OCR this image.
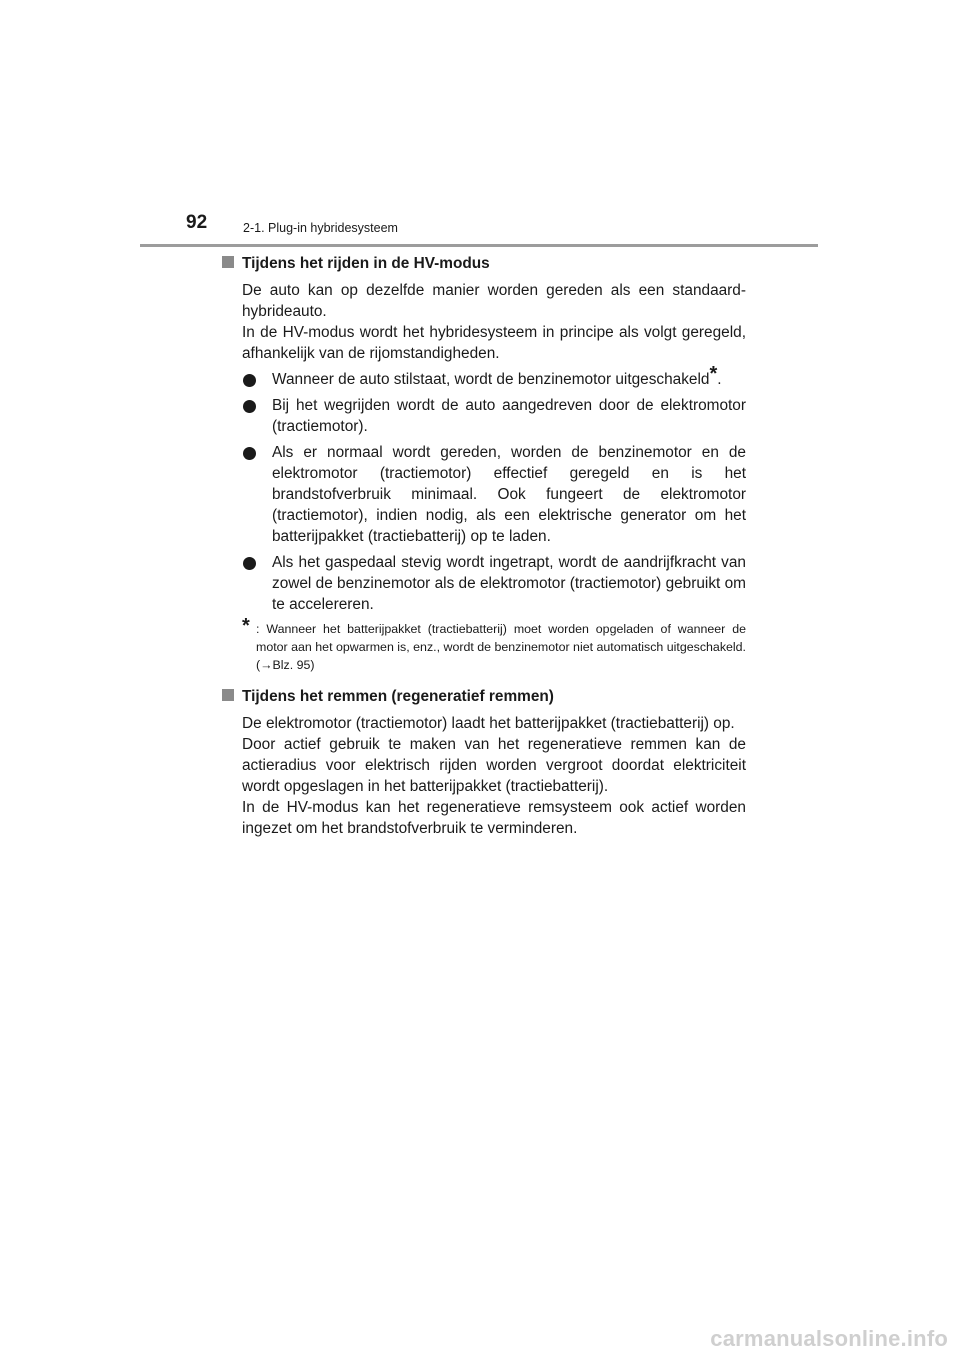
92	2-1. Plug-in hybridesysteem
Tijdens het rijden in de HV-modus

De auto kan op dezelfde manier worden gereden als een standaard-hybrideauto.

In de HV-modus wordt het hybridesysteem in principe als volgt geregeld, afhankelijk van de rijomstandigheden.

Wanneer de auto stilstaat, wordt de benzinemotor uitgeschakeld*.
Bij het wegrijden wordt de auto aangedreven door de elektromotor (tractiemotor).
Als er normaal wordt gereden, worden de benzinemotor en de elektromotor (tractiemotor) effectief geregeld en is het brandstofverbruik minimaal. Ook fungeert de elektromotor (tractiemotor), indien nodig, als een elektrische generator om het batterijpakket (tractiebatterij) op te laden.
Als het gaspedaal stevig wordt ingetrapt, wordt de aandrijfkracht van zowel de benzinemotor als de elektromotor (tractiemotor) gebruikt om te accelereren.
* : Wanneer het batterijpakket (tractiebatterij) moet worden opgeladen of wanneer de motor aan het opwarmen is, enz., wordt de benzinemotor niet automatisch uitgeschakeld. (→Blz. 95)
Tijdens het remmen (regeneratief remmen)

De elektromotor (tractiemotor) laadt het batterijpakket (tractiebatterij) op.

Door actief gebruik te maken van het regeneratieve remmen kan de actieradius voor elektrisch rijden worden vergroot doordat elektriciteit wordt opgeslagen in het batterijpakket (tractiebatterij).

In de HV-modus kan het regeneratieve remsysteem ook actief worden ingezet om het brandstofverbruik te verminderen.

carmanualsonline.info
